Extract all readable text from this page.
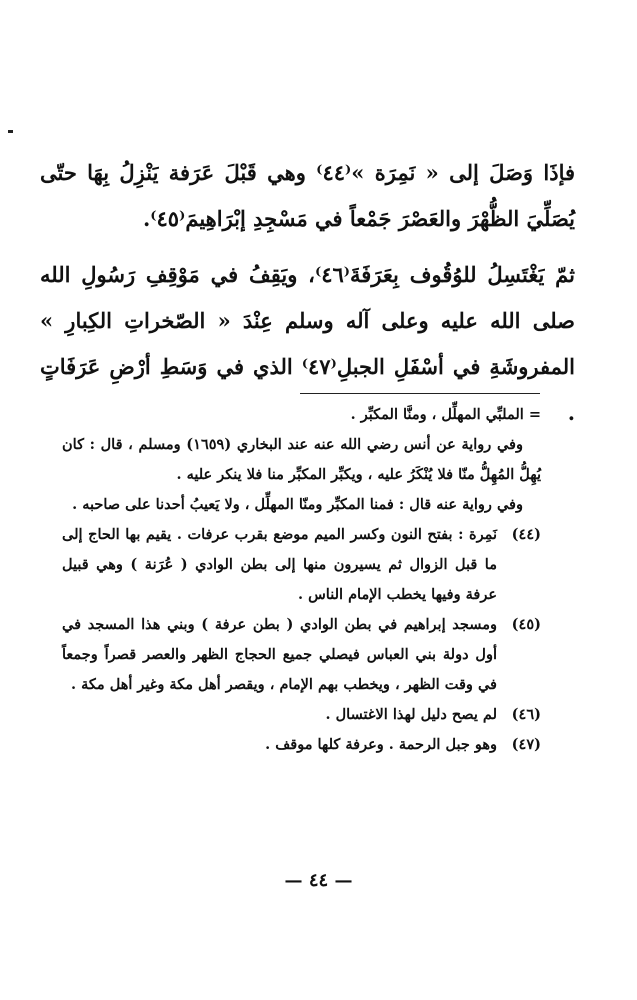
فإذَا وَصَلَ إلى « نَمِرَة »⁽٤٤⁾ وهي قَبْلَ عَرَفة يَنْزِلُ بِهَا حتّى يُصَلِّيَ الظُّهْرَ والعَصْرَ جَمْعاً في مَسْجِدِ إبْرَاهِيمَ⁽٤٥⁾.

ثمّ يَغْتَسِلُ للوُقُوف بِعَرَفَةَ⁽٤٦⁾، ويَقِفُ في مَوْقِفِ رَسُولِ الله صلى الله عليه وعلى آله وسلم عِنْدَ « الصّخراتِ الكِبارِ » المفروشَةِ في أسْفَلِ الجبلِ⁽٤٧⁾ الذي في وَسَطِ أرْضِ عَرَفَاتٍ .

= الملبِّي المهلِّل ، ومنَّا المكبِّر .

وفي رواية عن أنس رضي الله عنه عند البخاري (١٦٥٩) ومسلم ، قال : كان يُهِلُّ المُهِلُّ منّا فلا يُنْكَرُ عليه ، ويكبِّر المكبِّر منا فلا ينكر عليه .

وفي رواية عنه قال : فمنا المكبِّر ومنّا المهلِّل ، ولا يَعيبُ أحدنا على صاحبه .

(٤٤)
نَمِرة : بفتح النون وكسر الميم موضع بقرب عرفات . يقيم بها الحاج إلى ما قبل الزوال ثم يسيرون منها إلى بطن الوادي ( عُرَنة ) وهي قبيل عرفة وفيها يخطب الإمام الناس .
(٤٥)
ومسجد إبراهيم في بطن الوادي ( بطن عرفة ) وبني هذا المسجد في أول دولة بني العباس فيصلي جميع الحجاج الظهر والعصر قصراً وجمعاً في وقت الظهر ، ويخطب بهم الإمام ، ويقصر أهل مكة وغير أهل مكة .
(٤٦)
لم يصح دليل لهذا الاغتسال .
(٤٧)
وهو جبل الرحمة . وعرفة كلها موقف .
— ٤٤ —
